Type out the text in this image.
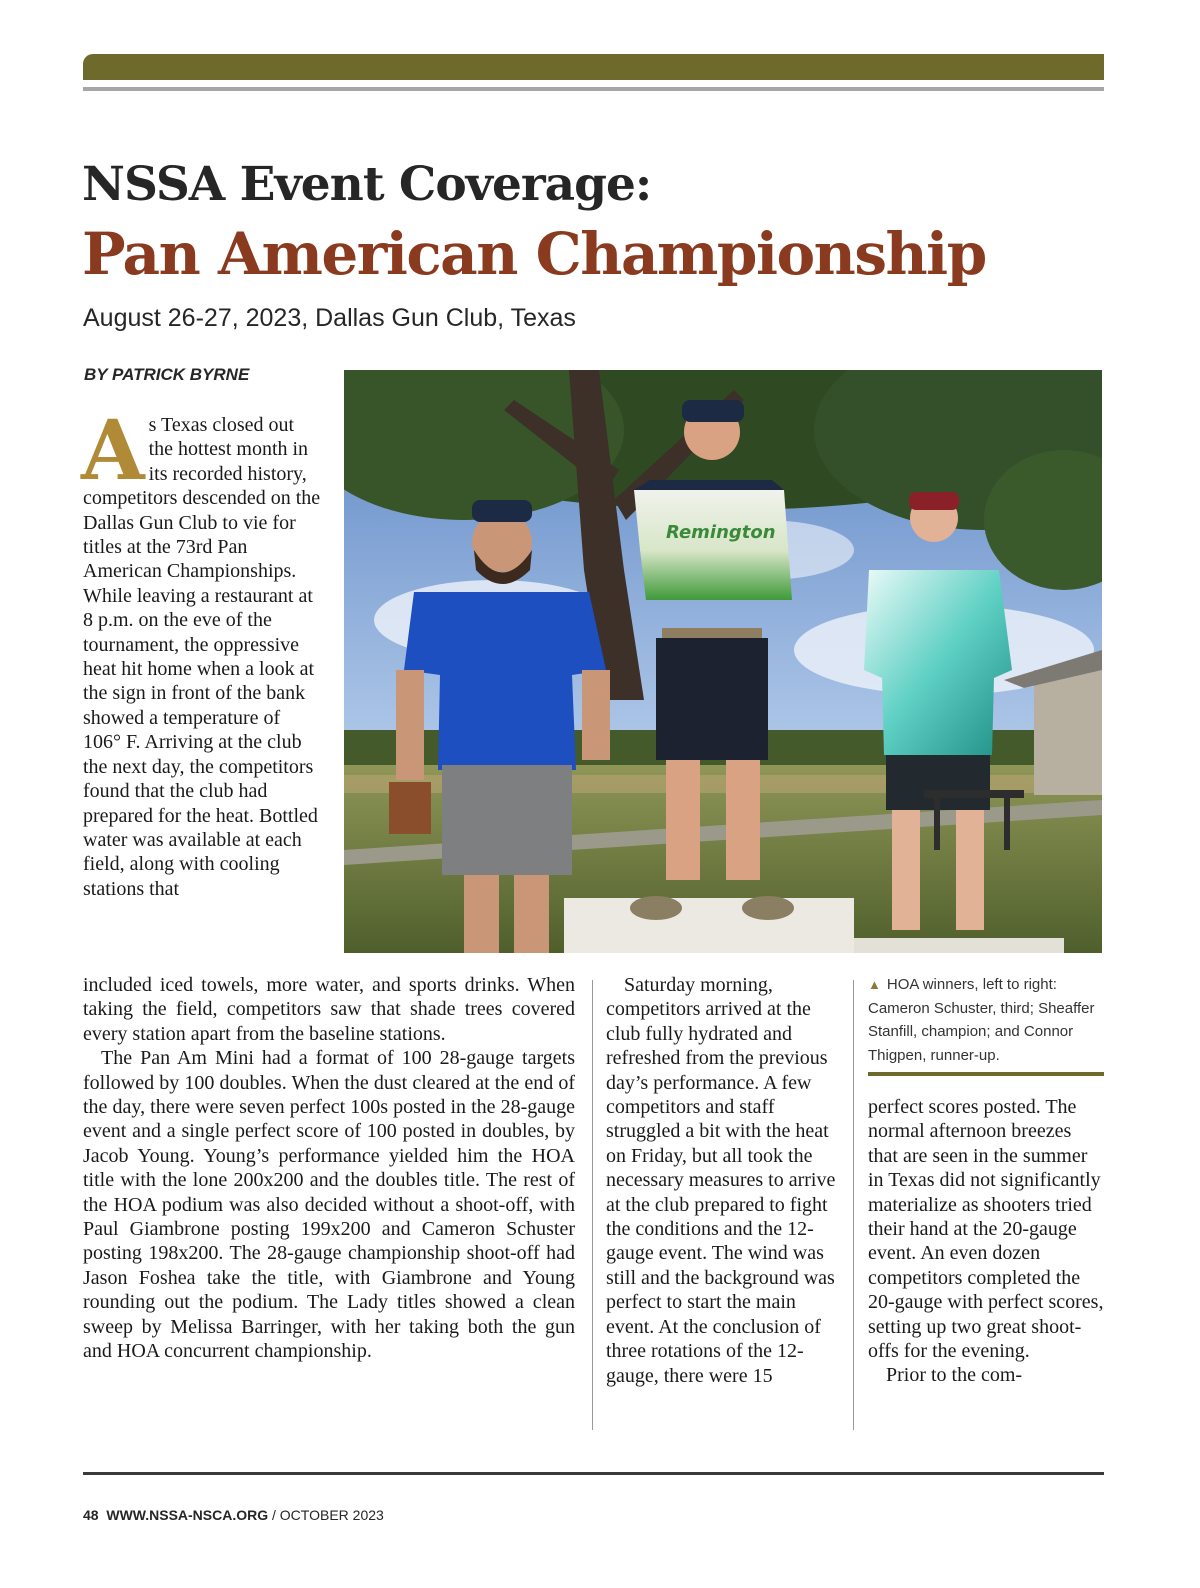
NSSA Event Coverage:
Pan American Championship
August 26-27, 2023, Dallas Gun Club, Texas
BY PATRICK BYRNE
Remington
A s Texas closed out the hottest month in its recorded history, competitors descended on the Dallas Gun Club to vie for titles at the 73rd Pan American Championships. While leaving a restaurant at 8 p.m. on the eve of the tournament, the oppressive heat hit home when a look at the sign in front of the bank showed a temperature of 106° F. Arriving at the club the next day, the competitors found that the club had prepared for the heat. Bottled water was available at each field, along with cooling stations that

included iced towels, more water, and sports drinks. When taking the field, competitors saw that shade trees covered every station apart from the baseline stations.

The Pan Am Mini had a format of 100 28-gauge targets followed by 100 doubles. When the dust cleared at the end of the day, there were seven perfect 100s posted in the 28-gauge event and a single perfect score of 100 posted in doubles, by Jacob Young. Young’s performance yielded him the HOA title with the lone 200x200 and the doubles title. The rest of the HOA podium was also decided without a shoot-off, with Paul Giambrone posting 199x200 and Cameron Schuster posting 198x200. The 28-gauge championship shoot-off had Jason Foshea take the title, with Giambrone and Young rounding out the podium. The Lady titles showed a clean sweep by Melissa Barringer, with her taking both the gun and HOA concurrent championship.

Saturday morning, competitors arrived at the club fully hydrated and refreshed from the previous day’s performance. A few competitors and staff struggled a bit with the heat on Friday, but all took the necessary measures to arrive at the club prepared to fight the conditions and the 12-gauge event. The wind was still and the background was perfect to start the main event. At the conclusion of three rotations of the 12-gauge, there were 15

▲ HOA winners, left to right: Cameron Schuster, third; Sheaffer Stanfill, champion; and Connor Thigpen, runner-up.

perfect scores posted. The normal afternoon breezes that are seen in the summer in Texas did not significantly materialize as shooters tried their hand at the 20-gauge event. An even dozen competitors completed the 20-gauge with perfect scores, setting up two great shoot-offs for the evening.

Prior to the com-

48 WWW.NSSA-NSCA.ORG / OCTOBER 2023
